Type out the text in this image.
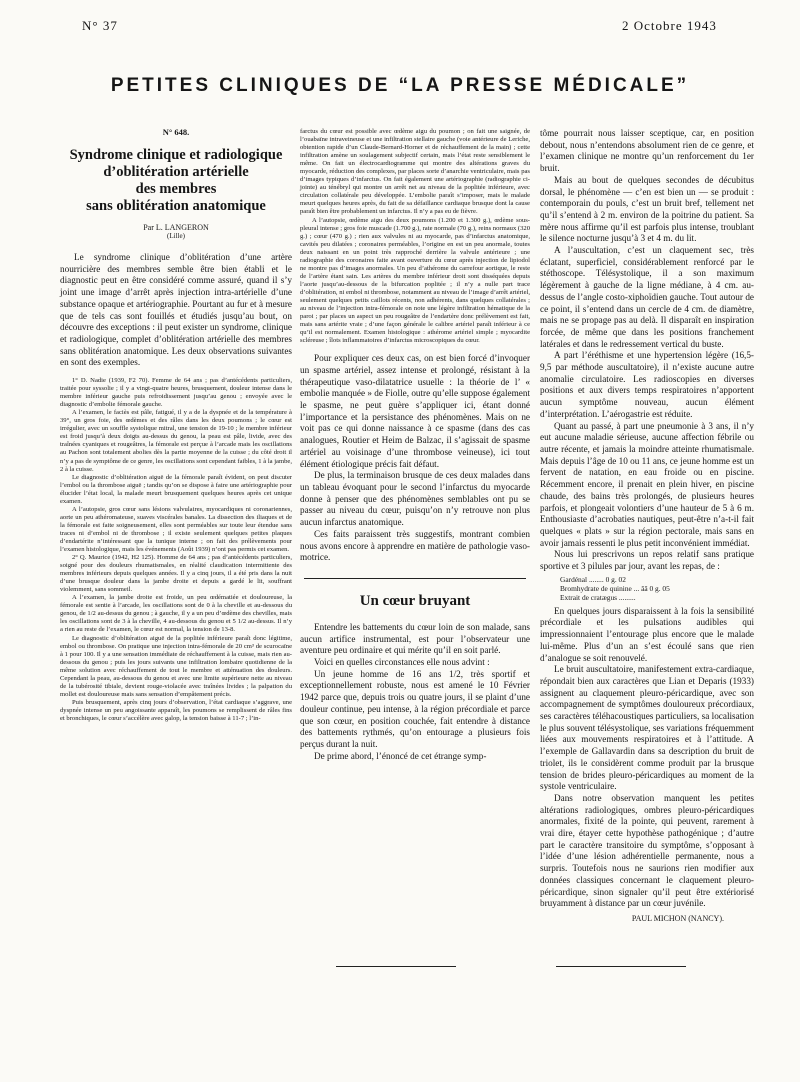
N° 37	2 Octobre 1943
PETITES CLINIQUES DE “LA PRESSE MÉDICALE”
N° 648.
Syndrome clinique et radiologique
d’oblitération artérielle
des membres
sans oblitération anatomique
Par L. LANGERON
(Lille)

Le syndrome clinique d’oblitération d’une artère nourricière des membres semble être bien établi et le diagnostic peut en être considéré comme assuré, quand il s’y joint une image d’arrêt après injection intra-artérielle d’une substance opaque et artériographie. Pourtant au fur et à mesure que de tels cas sont fouillés et étudiés jusqu’au bout, on découvre des exceptions : il peut exister un syndrome, clinique et radiologique, complet d’oblitération artérielle des membres sans oblitération anatomique. Les deux observations suivantes en sont des exemples.

1° D. Nadie (1939, F2 70). Femme de 64 ans ; pas d’antécédents particuliers, traitée pour syssolie ; il y a vingt-quatre heures, brusquement, douleur intense dans le membre inférieur gauche puis refroidissement jusqu’au genou ; envoyée avec le diagnostic d’embolie fémorale gauche.

A l’examen, le faciès est pâle, fatigué, il y a de la dyspnée et de la température à 39°, un gros foie, des œdèmes et des râles dans les deux poumons ; le cœur est irrégulier, avec un souffle systolique mitral, une tension de 19-10 ; le membre inférieur est froid jusqu’à deux doigts au-dessus du genou, la peau est pâle, livide, avec des traînées cyaniques et rougeâtres, la fémorale est perçue à l’arcade mais les oscillations au Pachon sont totalement abolies dès la partie moyenne de la cuisse ; du côté droit il n’y a pas de symptôme de ce genre, les oscillations sont cependant faibles, 1 à la jambe, 2 à la cuisse.

Le diagnostic d’oblitération aiguë de la fémorale paraît évident, on peut discuter l’embol ou la thrombose aiguë ; tandis qu’on se dispose à faire une artériographie pour élucider l’état local, la malade meurt brusquement quelques heures après cet unique examen.

A l’autopsie, gros cœur sans lésions valvulaires, myocardiques ni coronariennes, aorte un peu athéromateuse, suaves viscérales banales. La dissection des iliaques et de la fémorale est faite soigneusement, elles sont perméables sur toute leur étendue sans traces ni d’embol ni de thrombose ; il existe seulement quelques petites plaques d’endartérite n’intéressant que la tunique interne ; on fait des prélèvements pour l’examen histologique, mais les événements (Août 1939) n’ont pas permis cet examen.

2° Q. Maurice (1942, H2 125). Homme de 64 ans ; pas d’antécédents particuliers, soigné pour des douleurs rhumatismales, en réalité claudication intermittente des membres inférieurs depuis quelques années. Il y a cinq jours, il a été pris dans la nuit d’une brusque douleur dans la jambe droite et depuis a gardé le lit, souffrant violemment, sans sommeil.

A l’examen, la jambe droite est froide, un peu œdématiée et douloureuse, la fémorale est sentie à l’arcade, les oscillations sont de 0 à la cheville et au-dessous du genou, de 1/2 au-dessus du genou ; à gauche, il y a un peu d’œdème des chevilles, mais les oscillations sont de 3 à la cheville, 4 au-dessous du genou et 5 1/2 au-dessus. Il n’y a rien au reste de l’examen, le cœur est normal, la tension de 13-8.

Le diagnostic d’oblitération aiguë de la poplitée inférieure paraît donc légitime, embol ou thrombose. On pratique une injection intra-fémorale de 20 cm³ de scurocaïne à 1 pour 100. Il y a une sensation immédiate de réchauffement à la cuisse, mais rien au-dessous du genou ; puis les jours suivants une infiltration lombaire quotidienne de la même solution avec réchauffement de tout le membre et atténuation des douleurs. Cependant la peau, au-dessous du genou et avec une limite supérieure nette au niveau de la tubérosité tibiale, devient rouge-violacée avec traînées livides ; la palpation du mollet est douloureuse mais sans sensation d’empâtement précis.

Puis brusquement, après cinq jours d’observation, l’état cardiaque s’aggrave, une dyspnée intense un peu angoissante apparaît, les poumons se remplissent de râles fins et bronchiques, le cœur s’accélère avec galop, la tension baisse à 11-7 ; l’in-

farctus du cœur est possible avec œdème aigu du poumon ; on fait une saignée, de l’ouabaïne intraveineuse et une infiltration stellaire gauche (voie antérieure de Leriche, obtention rapide d’un Claude-Bernard-Horner et de réchauffement de la main) ; cette infiltration amène un soulagement subjectif certain, mais l’état reste sensiblement le même. On fait un électrocardiogramme qui montre des altérations graves du myocarde, réduction des complexes, par places sorte d’anarchie ventriculaire, mais pas d’images typiques d’infarctus. On fait également une artériographie (radiographie ci-jointe) au ténébryl qui montre un arrêt net au niveau de la poplitée inférieure, avec circulation collatérale peu développée. L’embolie paraît s’imposer, mais le malade meurt quelques heures après, du fait de sa défaillance cardiaque brusque dont la cause paraît bien être probablement un infarctus. Il n’y a pas eu de fièvre.

A l’autopsie, œdème aigu des deux poumons (1.200 et 1.300 g.), œdème sous-pleural intense ; gros foie muscade (1.700 g.), rate normale (70 g.), reins normaux (320 g.) ; cœur (470 g.) ; rien aux valvules ni au myocarde, pas d’infarctus anatomique, cavités peu dilatées ; coronaires perméables, l’origine en est un peu anormale, toutes deux naissant en un point très rapproché derrière la valvule antérieure ; une radiographie des coronaires faite avant ouverture du cœur après injection de lipiodol ne montre pas d’images anormales. Un peu d’athérome du carrefour aortique, le reste de l’artère étant sain. Les artères du membre inférieur droit sont disséquées depuis l’aorte jusqu’au-dessous de la bifurcation poplitée ; il n’y a nulle part trace d’oblitération, ni embol ni thrombose, notamment au niveau de l’image d’arrêt artériel, seulement quelques petits caillots récents, non adhérents, dans quelques collatérales ; au niveau de l’injection intra-fémorale on note une légère infiltration hématique de la paroi ; par places un aspect un peu rougeâtre de l’endartère donc prélèvement est fait, mais sans artérite vraie ; d’une façon générale le calibre artériel paraît inférieur à ce qu’il est normalement. Examen histologique : athérome artériel simple ; myocardite scléreuse ; îlots inflammatoires d’infarctus microscopiques du cœur.

Pour expliquer ces deux cas, on est bien forcé d’invoquer un spasme artériel, assez intense et prolongé, résistant à la thérapeutique vaso-dilatatrice usuelle : la théorie de l’ « embolie manquée » de Fiolle, outre qu’elle suppose également le spasme, ne peut guère s’appliquer ici, étant donné l’importance et la persistance des phénomènes. Mais on ne voit pas ce qui donne naissance à ce spasme (dans des cas analogues, Routier et Heim de Balzac, il s’agissait de spasme artériel au voisinage d’une thrombose veineuse), ici tout élément étiologique précis fait défaut.

De plus, la terminaison brusque de ces deux malades dans un tableau évoquant pour le second l’infarctus du myocarde donne à penser que des phénomènes semblables ont pu se passer au niveau du cœur, puisqu’on n’y retrouve non plus aucun infarctus anatomique.

Ces faits paraissent très suggestifs, montrant combien nous avons encore à apprendre en matière de pathologie vaso-motrice.

Un cœur bruyant

Entendre les battements du cœur loin de son malade, sans aucun artifice instrumental, est pour l’observateur une aventure peu ordinaire et qui mérite qu’il en soit parlé.

Voici en quelles circonstances elle nous advint :

Un jeune homme de 16 ans 1/2, très sportif et exceptionnellement robuste, nous est amené le 10 Février 1942 parce que, depuis trois ou quatre jours, il se plaint d’une douleur continue, peu intense, à la région précordiale et parce que son cœur, en position couchée, fait entendre à distance des battements rythmés, qu’on entourage a plusieurs fois perçus durant la nuit.

De prime abord, l’énoncé de cet étrange symp-

tôme pourrait nous laisser sceptique, car, en position debout, nous n’entendons absolument rien de ce genre, et l’examen clinique ne montre qu’un renforcement du 1er bruit.

Mais au bout de quelques secondes de décubitus dorsal, le phénomène — c’en est bien un — se produit : contemporain du pouls, c’est un bruit bref, tellement net qu’il s’entend à 2 m. environ de la poitrine du patient. Sa mère nous affirme qu’il est parfois plus intense, troublant le silence nocturne jusqu’à 3 et 4 m. du lit.

A l’auscultation, c’est un claquement sec, très éclatant, superficiel, considérablement renforcé par le stéthoscope. Télésystolique, il a son maximum légèrement à gauche de la ligne médiane, à 4 cm. au-dessus de l’angle costo-xiphoïdien gauche. Tout autour de ce point, il s’entend dans un cercle de 4 cm. de diamètre, mais ne se propage pas au delà. Il disparaît en inspiration forcée, de même que dans les positions franchement latérales et dans le redressement vertical du buste.

A part l’éréthisme et une hypertension légère (16,5-9,5 par méthode auscultatoire), il n’existe aucune autre anomalie circulatoire. Les radioscopies en diverses positions et aux divers temps respiratoires n’apportent aucun symptôme nouveau, aucun élément d’interprétation. L’aérogastrie est réduite.

Quant au passé, à part une pneumonie à 3 ans, il n’y eut aucune maladie sérieuse, aucune affection fébrile ou autre récente, et jamais la moindre atteinte rhumatismale. Mais depuis l’âge de 10 ou 11 ans, ce jeune homme est un fervent de natation, en eau froide ou en piscine. Récemment encore, il prenait en plein hiver, en piscine chaude, des bains très prolongés, de plusieurs heures parfois, et plongeait volontiers d’une hauteur de 5 à 6 m. Enthousiaste d’acrobaties nautiques, peut-être n’a-t-il fait quelques « plats » sur la région pectorale, mais sans en avoir jamais ressenti le plus petit inconvénient immédiat.

Nous lui prescrivons un repos relatif sans pratique sportive et 3 pilules par jour, avant les repas, de :

Gardénal ........ 0 g. 02
Bromhydrate de quinine ... âã 0 g. 05
Extrait de cratægus .........

En quelques jours disparaissent à la fois la sensibilité précordiale et les pulsations audibles qui impressionnaient l’entourage plus encore que le malade lui-même. Plus d’un an s’est écoulé sans que rien d’analogue se soit renouvelé.

Le bruit auscultatoire, manifestement extra-cardiaque, répondait bien aux caractères que Lian et Deparis (1933) assignent au claquement pleuro-péricardique, avec son accompagnement de symptômes douloureux précordiaux, ses caractères téléhacoustiques particuliers, sa localisation le plus souvent télésystolique, ses variations fréquemment liées aux mouvements respiratoires et à l’attitude. A l’exemple de Gallavardin dans sa description du bruit de triolet, ils le considèrent comme produit par la brusque tension de brides pleuro-péricardiques au moment de la systole ventriculaire.

Dans notre observation manquent les petites altérations radiologiques, ombres pleuro-péricardiques anormales, fixité de la pointe, qui peuvent, rarement à vrai dire, étayer cette hypothèse pathogénique ; d’autre part le caractère transitoire du symptôme, s’opposant à l’idée d’une lésion adhérentielle permanente, nous a surpris. Toutefois nous ne saurions rien modifier aux données classiques concernant le claquement pleuro-péricardique, sinon signaler qu’il peut être extériorisé bruyamment à distance par un cœur juvénile.

PAUL MICHON (NANCY).
